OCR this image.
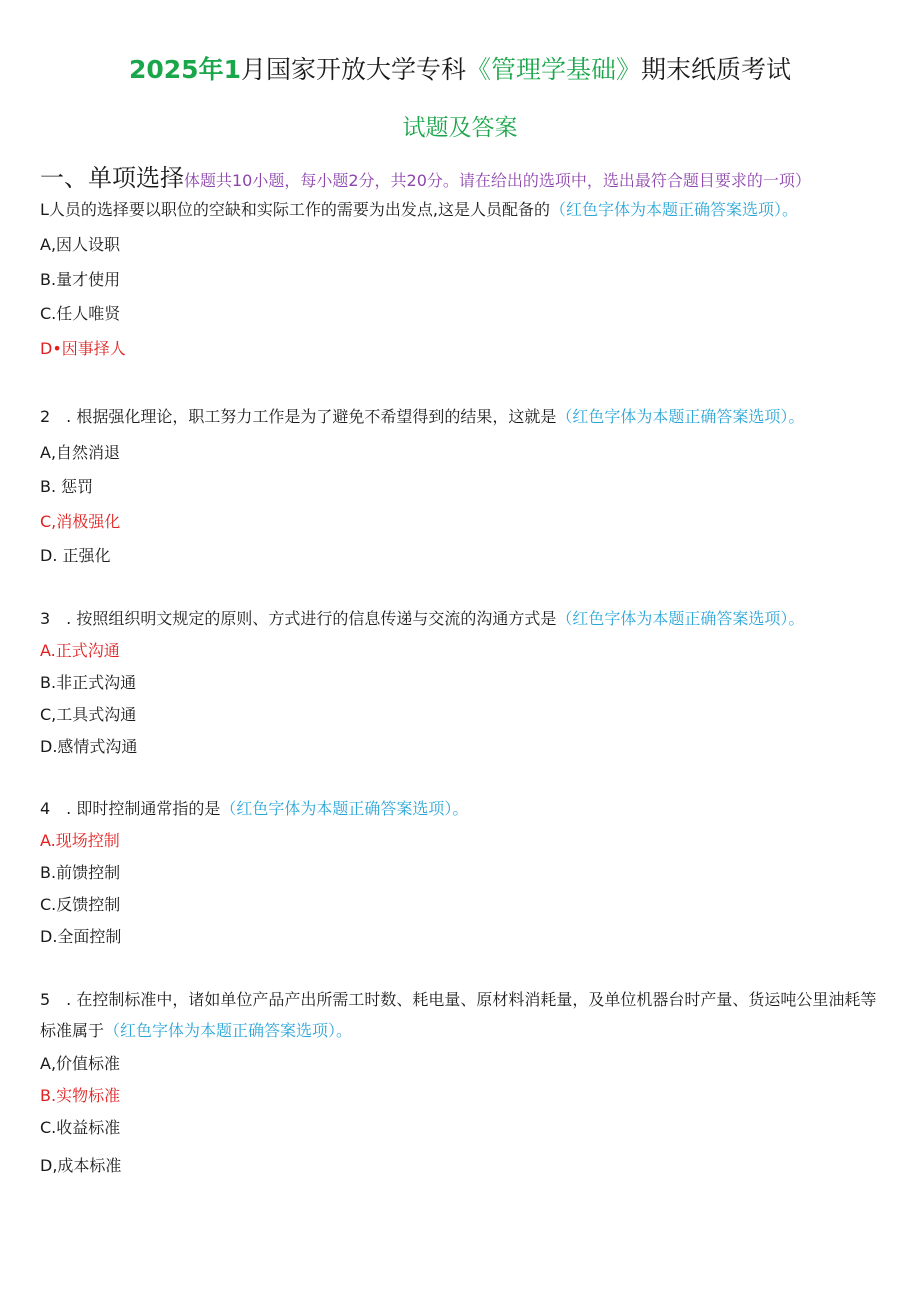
2025年1月国家开放大学专科《管理学基础》期末纸质考试
试题及答案
一、单项选择体题共10小题，每小题2分，共20分。请在给出的选项中，选出最符合题目要求的一项）
L人员的选择要以职位的空缺和实际工作的需要为出发点,这是人员配备的（红色字体为本题正确答案选项）。
A,因人设职
B.量才使用
C.任人唯贤
D•因事择人
2　. 根据强化理论，职工努力工作是为了避免不希望得到的结果，这就是（红色字体为本题正确答案选项）。
A,自然消退
B. 惩罚
C,消极强化
D. 正强化
3　. 按照组织明文规定的原则、方式进行的信息传递与交流的沟通方式是（红色字体为本题正确答案选项）。
A.正式沟通
B.非正式沟通
C,工具式沟通
D.感情式沟通
4　. 即时控制通常指的是（红色字体为本题正确答案选项）。
A.现场控制
B.前馈控制
C.反馈控制
D.全面控制
5　. 在控制标准中，诸如单位产品产出所需工时数、耗电量、原材料消耗量，及单位机器台时产量、货运吨公里油耗等标准属于（红色字体为本题正确答案选项）。
A,价值标准
B.实物标准
C.收益标准
D,成本标准
